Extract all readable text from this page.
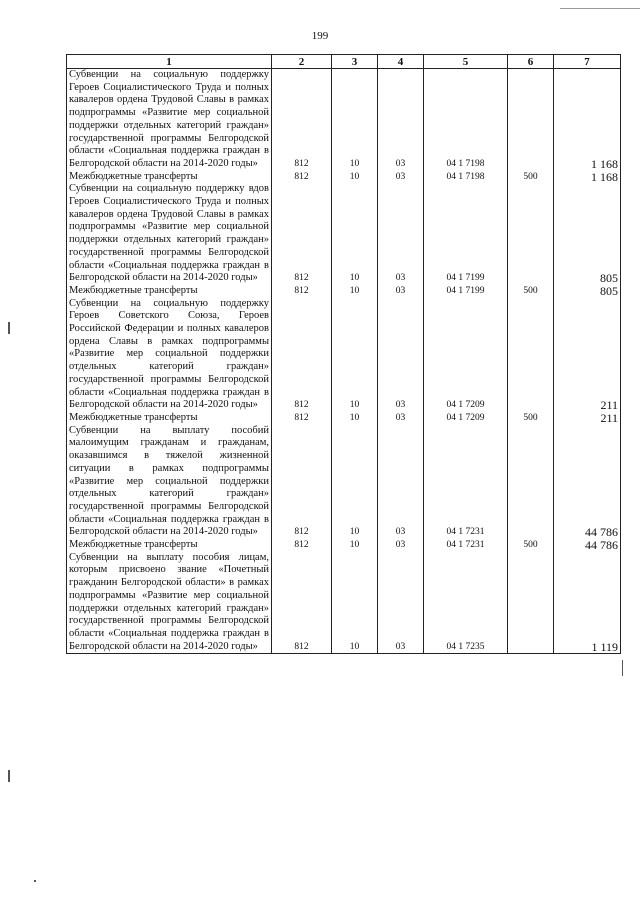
199
1	2	3	4	5	6	7
Субвенции на социальную поддержку Героев Социалистического Труда и полных кавалеров ордена Трудовой Славы в рамках подпрограммы «Развитие мер социальной поддержки отдельных категорий граждан» государственной программы Белгородской области «Социальная поддержка граждан в Белгородской области на 2014-2020 годы»	812	10	03	04 1 7198		1 168
Межбюджетные трансферты	812	10	03	04 1 7198	500	1 168
Субвенции на социальную поддержку вдов Героев Социалистического Труда и полных кавалеров ордена Трудовой Славы в рамках подпрограммы «Развитие мер социальной поддержки отдельных категорий граждан» государственной программы Белгородской области «Социальная поддержка граждан в Белгородской области на 2014-2020 годы»	812	10	03	04 1 7199		805
Межбюджетные трансферты	812	10	03	04 1 7199	500	805
Субвенции на социальную поддержку Героев Советского Союза, Героев Российской Федерации и полных кавалеров ордена Славы в рамках подпрограммы «Развитие мер социальной поддержки отдельных категорий граждан» государственной программы Белгородской области «Социальная поддержка граждан в Белгородской области на 2014-2020 годы»	812	10	03	04 1 7209		211
Межбюджетные трансферты	812	10	03	04 1 7209	500	211
Субвенции на выплату пособий малоимущим гражданам и гражданам, оказавшимся в тяжелой жизненной ситуации в рамках подпрограммы «Развитие мер социальной поддержки отдельных категорий граждан» государственной программы Белгородской области «Социальная поддержка граждан в Белгородской области на 2014-2020 годы»	812	10	03	04 1 7231		44 786
Межбюджетные трансферты	812	10	03	04 1 7231	500	44 786
Субвенции на выплату пособия лицам, которым присвоено звание «Почетный гражданин Белгородской области» в рамках подпрограммы «Развитие мер социальной поддержки отдельных категорий граждан» государственной программы Белгородской области «Социальная поддержка граждан в Белгородской области на 2014-2020 годы»	812	10	03	04 1 7235		1 119
